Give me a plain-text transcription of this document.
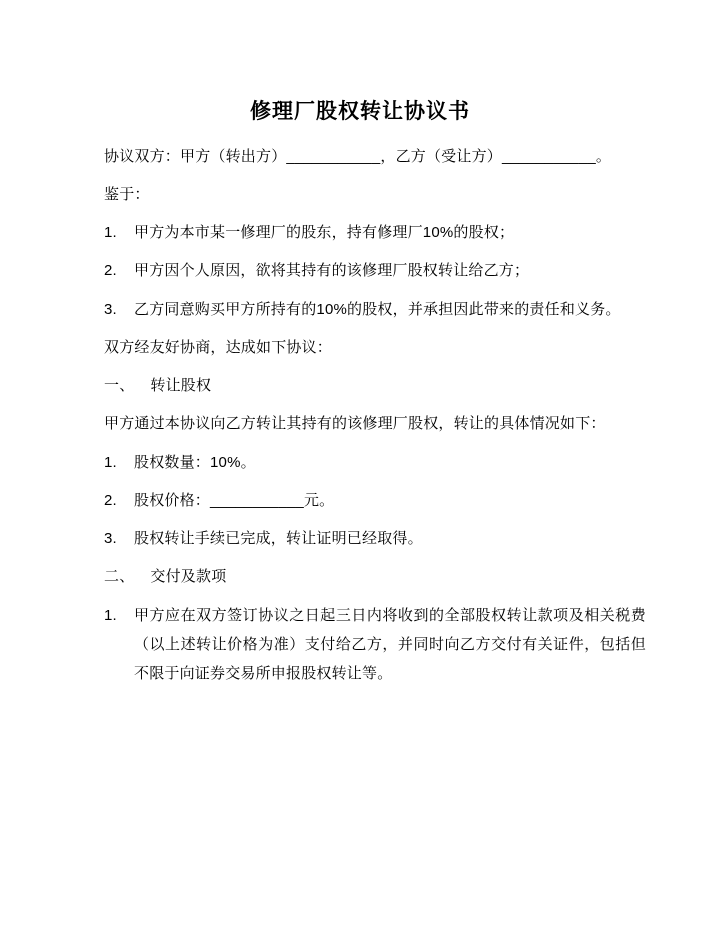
修理厂股权转让协议书

协议双方：甲方（转出方）___________，乙方（受让方）___________。

鉴于：

1.	甲方为本市某一修理厂的股东，持有修理厂10%的股权；
2.	甲方因个人原因，欲将其持有的该修理厂股权转让给乙方；
3.	乙方同意购买甲方所持有的10%的股权，并承担因此带来的责任和义务。

双方经友好协商，达成如下协议：

一、 转让股权

甲方通过本协议向乙方转让其持有的该修理厂股权，转让的具体情况如下：

1.	股权数量：10%。
2.	股权价格：___________元。
3.	股权转让手续已完成，转让证明已经取得。

二、 交付及款项

1.	甲方应在双方签订协议之日起三日内将收到的全部股权转让款项及相关税费（以上述转让价格为准）支付给乙方，并同时向乙方交付有关证件，包括但不限于向证券交易所申报股权转让等。
